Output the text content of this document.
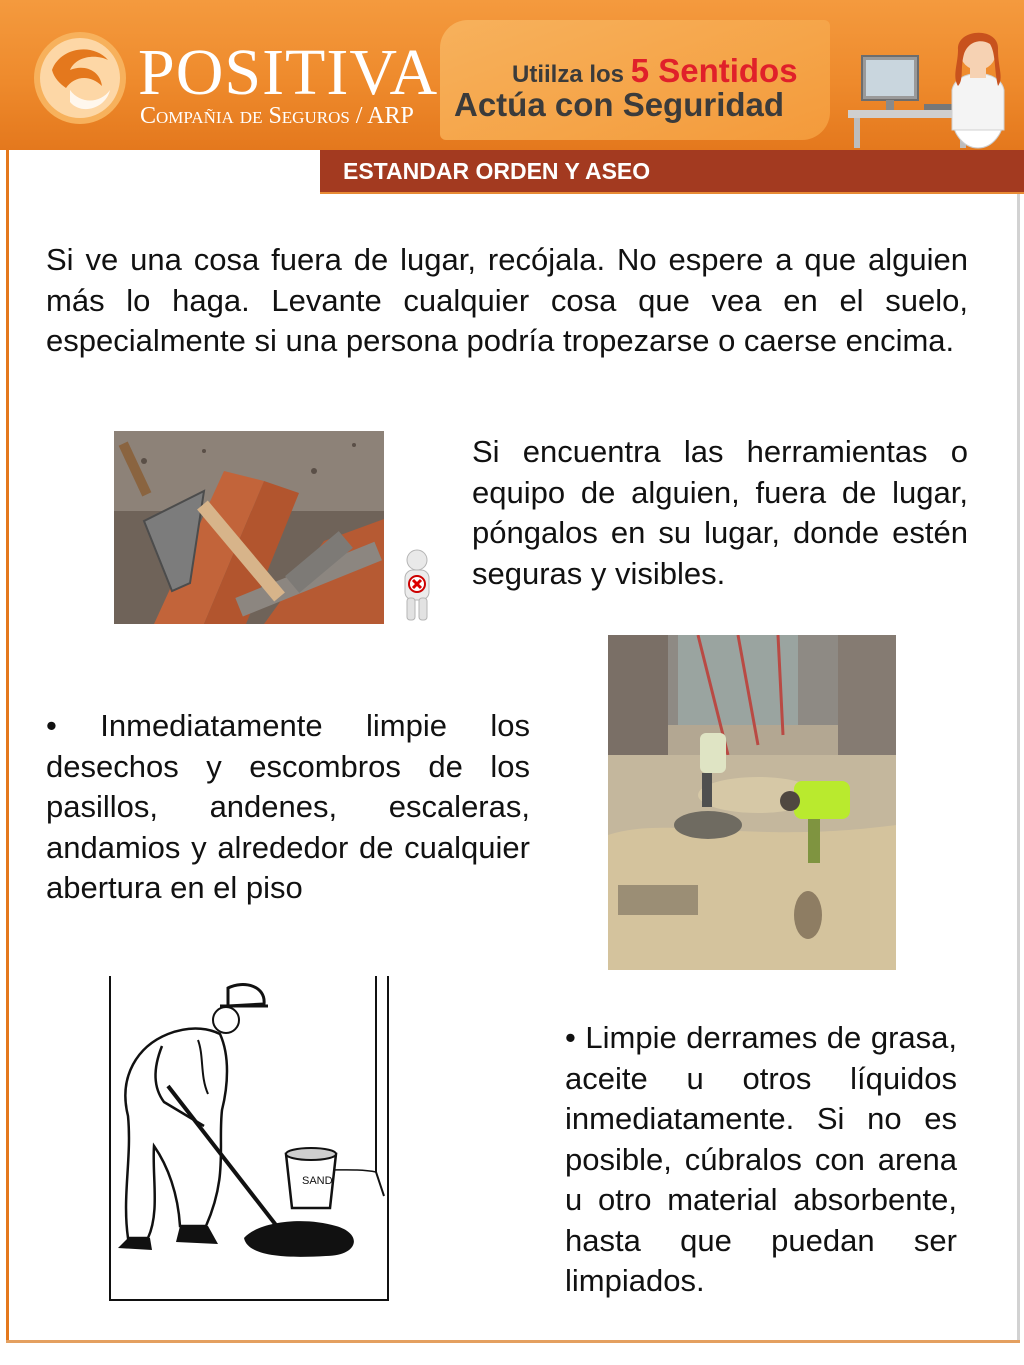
POSITIVA
Compañia de Seguros / ARP
Utiilza los 5 Sentidos
Actúa con Seguridad
ESTANDAR ORDEN Y ASEO

Si ve una cosa fuera de lugar, recójala. No espere a que alguien más lo haga. Levante cualquier cosa que vea en el suelo, especialmente si una persona podría tropezarse o caerse encima.

Si encuentra las herramientas o equipo de alguien, fuera de lugar, póngalos en su lugar, donde estén seguras y visibles.

• Inmediatamente limpie los desechos y escombros de los pasillos, andenes, escaleras, andamios y alrededor de cualquier abertura en el piso

• Limpie derrames de grasa, aceite u otros líquidos inmediatamente. Si no es posible, cúbralos con arena u otro material absorbente, hasta que puedan ser limpiados.

SAND
